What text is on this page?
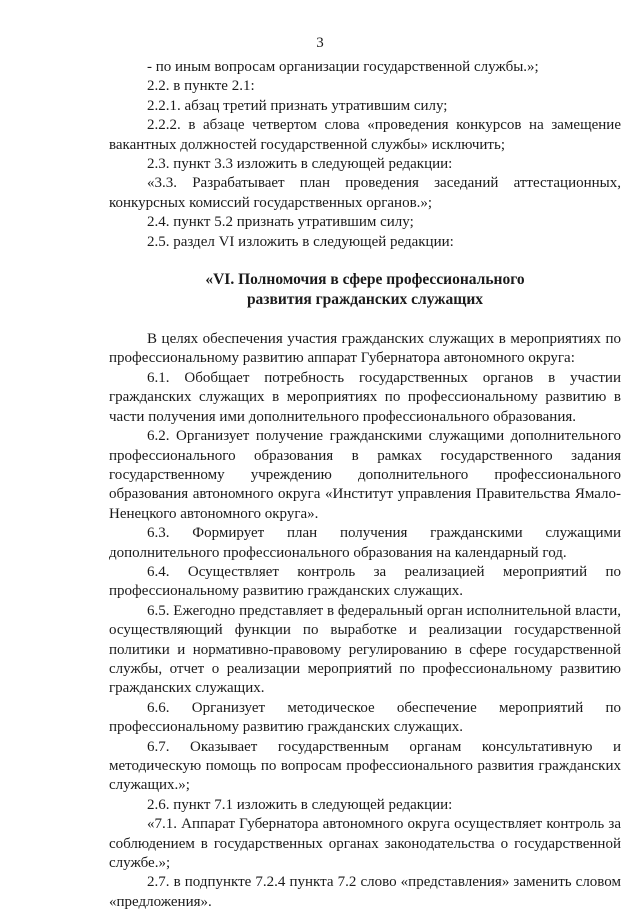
3

- по иным вопросам организации государственной службы.»;

2.2. в пункте 2.1:

2.2.1. абзац третий признать утратившим силу;

2.2.2. в абзаце четвертом слова «проведения конкурсов на замещение вакантных должностей государственной службы» исключить;

2.3. пункт 3.3 изложить в следующей редакции:

«3.3. Разрабатывает план проведения заседаний аттестационных, конкурсных комиссий государственных органов.»;

2.4. пункт 5.2 признать утратившим силу;

2.5. раздел VI изложить в следующей редакции:

«VI. Полномочия в сфере профессионального
развития гражданских служащих

В целях обеспечения участия гражданских служащих в мероприятиях по профессиональному развитию аппарат Губернатора автономного округа:

6.1. Обобщает потребность государственных органов в участии гражданских служащих в мероприятиях по профессиональному развитию в части получения ими дополнительного профессионального образования.

6.2. Организует получение гражданскими служащими дополнительного профессионального образования в рамках государственного задания государственному учреждению дополнительного профессионального образования автономного округа «Институт управления Правительства Ямало-Ненецкого автономного округа».

6.3. Формирует план получения гражданскими служащими дополнительного профессионального образования на календарный год.

6.4. Осуществляет контроль за реализацией мероприятий по профессиональному развитию гражданских служащих.

6.5. Ежегодно представляет в федеральный орган исполнительной власти, осуществляющий функции по выработке и реализации государственной политики и нормативно-правовому регулированию в сфере государственной службы, отчет о реализации мероприятий по профессиональному развитию гражданских служащих.

6.6. Организует методическое обеспечение мероприятий по профессиональному развитию гражданских служащих.

6.7. Оказывает государственным органам консультативную и методическую помощь по вопросам профессионального развития гражданских служащих.»;

2.6. пункт 7.1 изложить в следующей редакции:

«7.1. Аппарат Губернатора автономного округа осуществляет контроль за соблюдением в государственных органах законодательства о государственной службе.»;

2.7. в подпункте 7.2.4 пункта 7.2 слово «представления» заменить словом «предложения».
